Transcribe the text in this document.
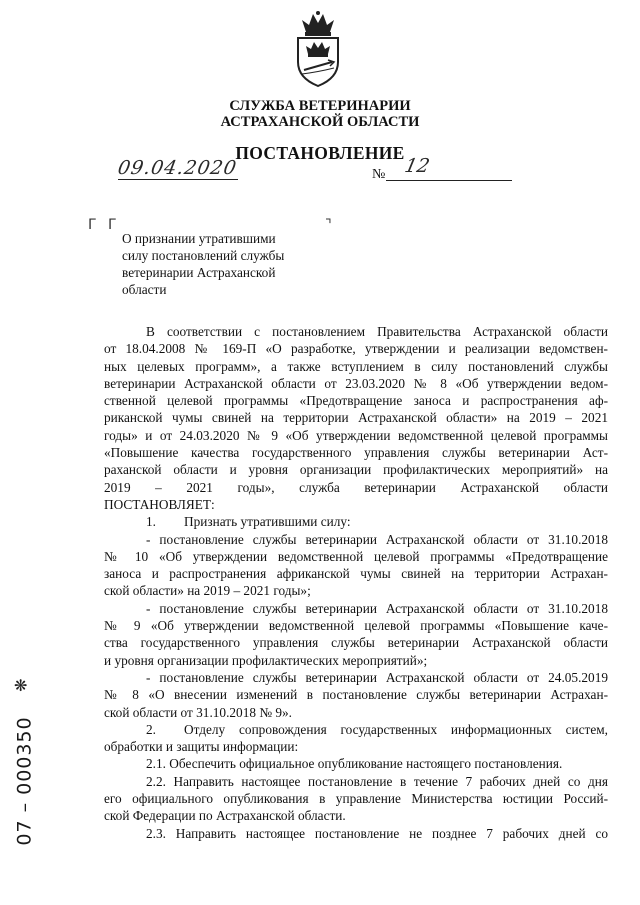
СЛУЖБА ВЕТЕРИНАРИИ
АСТРАХАНСКОЙ ОБЛАСТИ
ПОСТАНОВЛЕНИЕ
09.04.2020	№ 12
Γ
Γ	⌝
О признании утратившими
силу постановлений службы
ветеринарии Астраханской
области

В соответствии с постановлением Правительства Астраханской области

от 18.04.2008 № 169-П «О разработке, утверждении и реализации ведомствен-

ных целевых программ», а также вступлением в силу постановлений службы

ветеринарии Астраханской области от 23.03.2020 № 8 «Об утверждении ведом-

ственной целевой программы «Предотвращение заноса и распространения аф-

риканской чумы свиней на территории Астраханской области» на 2019 – 2021

годы» и от 24.03.2020 № 9 «Об утверждении ведомственной целевой программы

«Повышение качества государственного управления службы ветеринарии Аст-

раханской области и уровня организации профилактических мероприятий» на

2019 – 2021 годы», служба ветеринарии Астраханской области

ПОСТАНОВЛЯЕТ:

1. Признать утратившими силу:

- постановление службы ветеринарии Астраханской области от 31.10.2018

№ 10 «Об утверждении ведомственной целевой программы «Предотвращение

заноса и распространения африканской чумы свиней на территории Астрахан-

ской области» на 2019 – 2021 годы»;

- постановление службы ветеринарии Астраханской области от 31.10.2018

№ 9 «Об утверждении ведомственной целевой программы «Повышение каче-

ства государственного управления службы ветеринарии Астраханской области

и уровня организации профилактических мероприятий»;

- постановление службы ветеринарии Астраханской области от 24.05.2019

№ 8 «О внесении изменений в постановление службы ветеринарии Астрахан-

ской области от 31.10.2018 № 9».

2. Отделу сопровождения государственных информационных систем,

обработки и защиты информации:

2.1. Обеспечить официальное опубликование настоящего постановления.

2.2. Направить настоящее постановление в течение 7 рабочих дней со дня

его официального опубликования в управление Министерства юстиции Россий-

ской Федерации по Астраханской области.

2.3. Направить настоящее постановление не позднее 7 рабочих дней со

❋
07 – 000350
